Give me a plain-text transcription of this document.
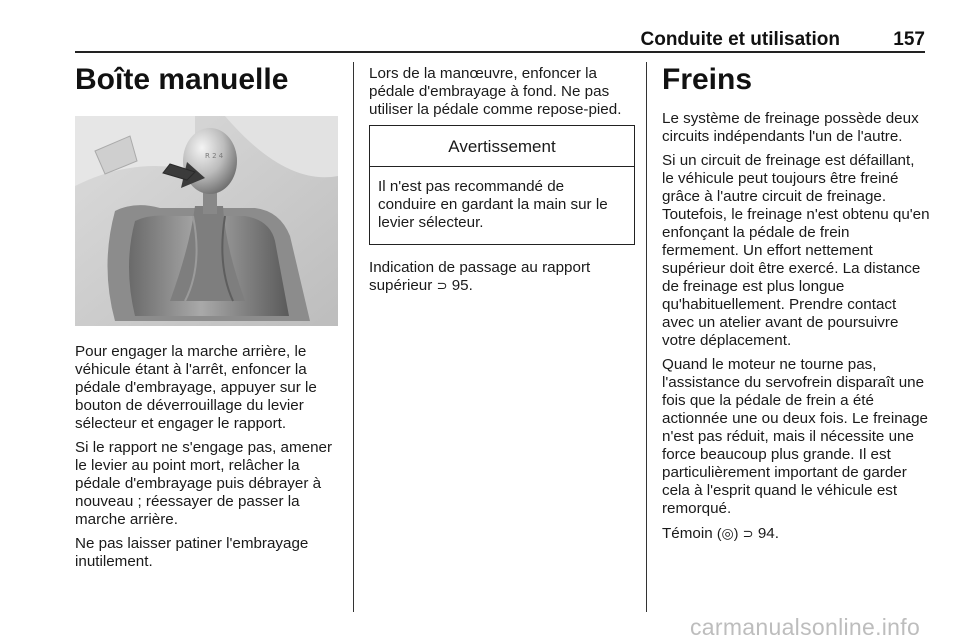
Conduite et utilisation	157
Boîte manuelle
R 2 4

Pour engager la marche arrière, le véhicule étant à l'arrêt, enfoncer la pédale d'embrayage, appuyer sur le bouton de déverrouillage du levier sélecteur et engager le rapport.

Si le rapport ne s'engage pas, amener le levier au point mort, relâcher la pédale d'embrayage puis débrayer à nouveau ; réessayer de passer la marche arrière.

Ne pas laisser patiner l'embrayage inutilement.

Lors de la manœuvre, enfoncer la pédale d'embrayage à fond. Ne pas utiliser la pédale comme repose-pied.

Avertissement
Il n'est pas recommandé de conduire en gardant la main sur le levier sélecteur.

Indication de passage au rapport supérieur ⊃ 95.

Freins

Le système de freinage possède deux circuits indépendants l'un de l'autre.

Si un circuit de freinage est défaillant, le véhicule peut toujours être freiné grâce à l'autre circuit de freinage. Toutefois, le freinage n'est obtenu qu'en enfonçant la pédale de frein fermement. Un effort nettement supérieur doit être exercé. La distance de freinage est plus longue qu'habituellement. Prendre contact avec un atelier avant de poursuivre votre déplacement.

Quand le moteur ne tourne pas, l'assistance du servofrein disparaît une fois que la pédale de frein a été actionnée une ou deux fois. Le freinage n'est pas réduit, mais il nécessite une force beaucoup plus grande. Il est particulièrement important de garder cela à l'esprit quand le véhicule est remorqué.

Témoin (◎) ⊃ 94.

carmanualsonline.info
